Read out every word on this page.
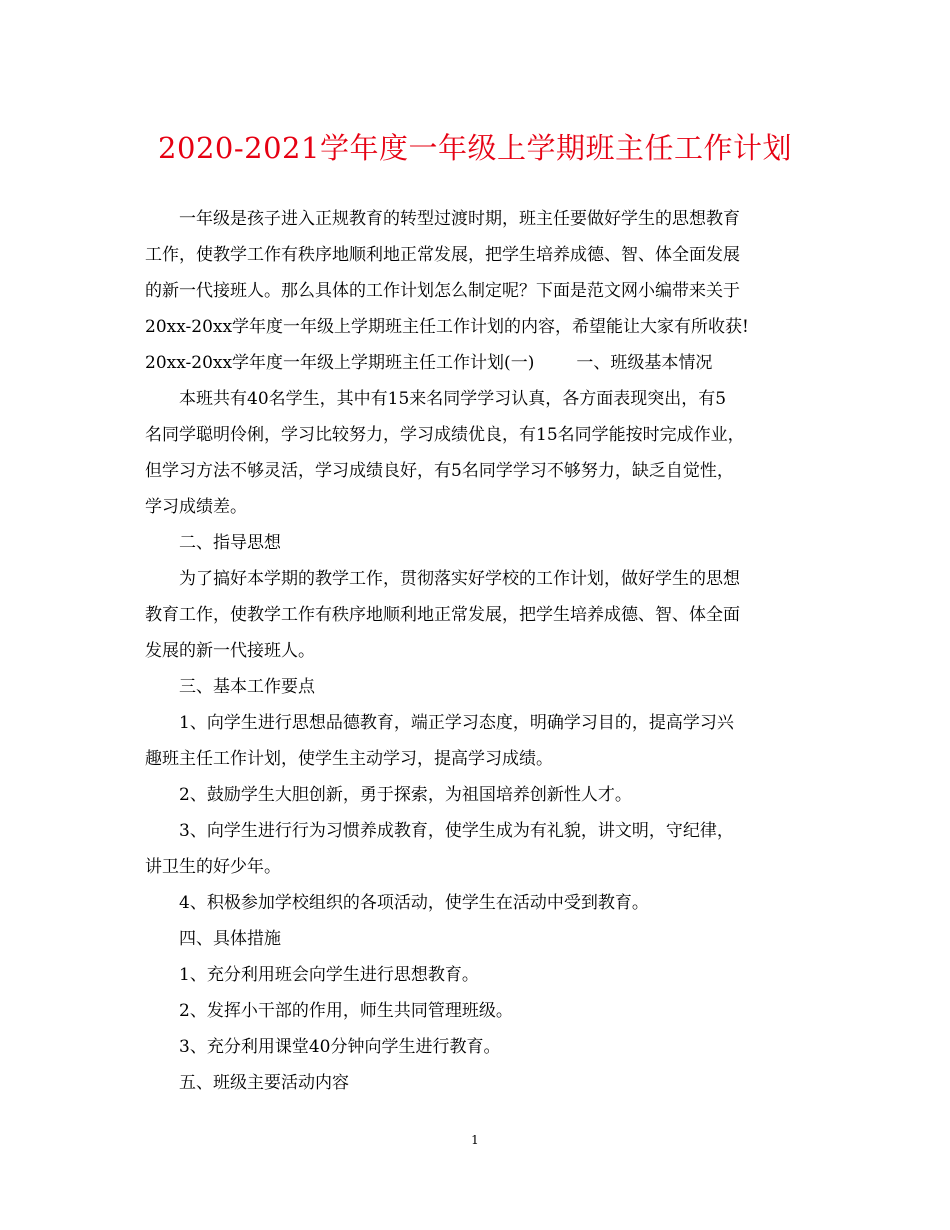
2020-2021学年度一年级上学期班主任工作计划
一年级是孩子进入正规教育的转型过渡时期，班主任要做好学生的思想教育
工作，使教学工作有秩序地顺利地正常发展，把学生培养成德、智、体全面发展
的新一代接班人。那么具体的工作计划怎么制定呢？下面是范文网小编带来关于
20xx-20xx学年度一年级上学期班主任工作计划的内容，希望能让大家有所收获!
20xx-20xx学年度一年级上学期班主任工作计划(一) 一、班级基本情况
本班共有40名学生，其中有15来名同学学习认真，各方面表现突出，有5
名同学聪明伶俐，学习比较努力，学习成绩优良，有15名同学能按时完成作业，
但学习方法不够灵活，学习成绩良好，有5名同学学习不够努力，缺乏自觉性，
学习成绩差。
二、指导思想
为了搞好本学期的教学工作，贯彻落实好学校的工作计划，做好学生的思想
教育工作，使教学工作有秩序地顺利地正常发展，把学生培养成德、智、体全面
发展的新一代接班人。
三、基本工作要点
1、向学生进行思想品德教育，端正学习态度，明确学习目的，提高学习兴
趣班主任工作计划，使学生主动学习，提高学习成绩。
2、鼓励学生大胆创新，勇于探索，为祖国培养创新性人才。
3、向学生进行行为习惯养成教育，使学生成为有礼貌，讲文明，守纪律，
讲卫生的好少年。
4、积极参加学校组织的各项活动，使学生在活动中受到教育。
四、具体措施
1、充分利用班会向学生进行思想教育。
2、发挥小干部的作用，师生共同管理班级。
3、充分利用课堂40分钟向学生进行教育。
五、班级主要活动内容
1
